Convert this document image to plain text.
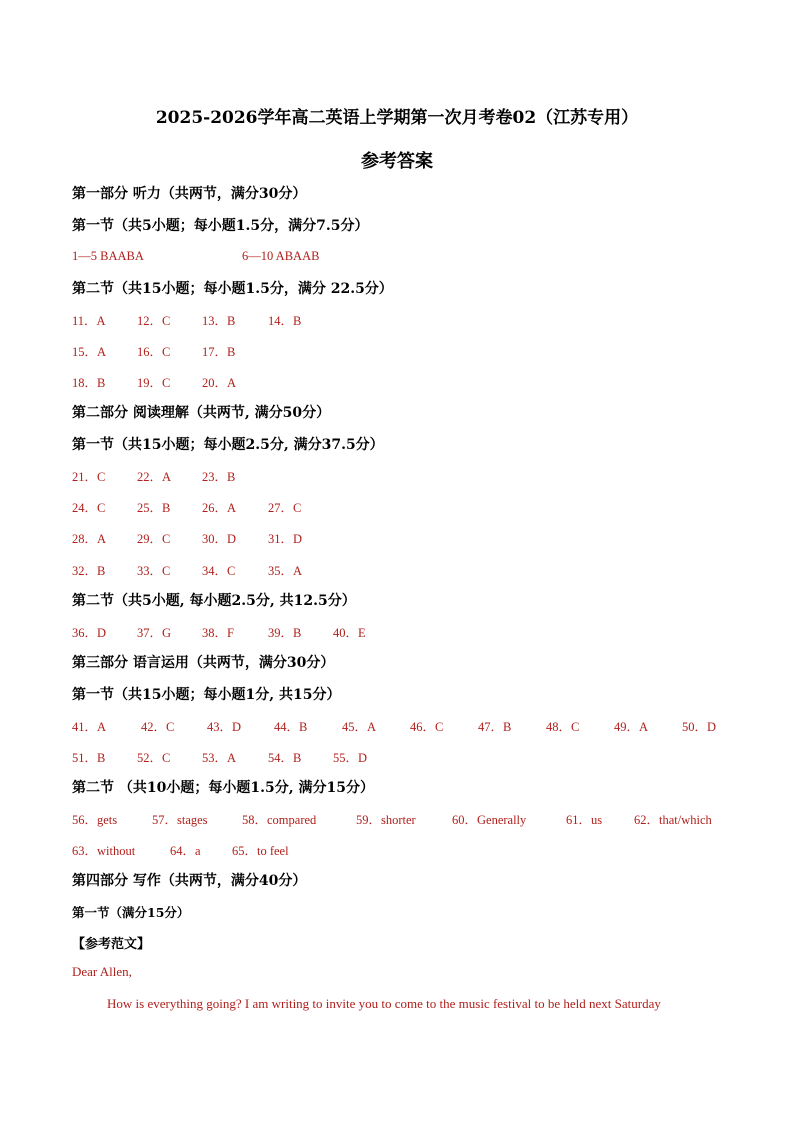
2025-2026学年高二英语上学期第一次月考卷02（江苏专用）
参考答案
第一部分 听力（共两节，满分30分）
第一节（共5小题；每小题1.5分，满分7.5分）
1—5 BAABA	6—10 ABAAB
第二节（共15小题；每小题1.5分，满分 22.5分）
11．A	12．C	13．B	14．B
15．A 16．C	17．B
18．B	19．C	20．A
第二部分 阅读理解（共两节, 满分50分）
第一节（共15小题；每小题2.5分, 满分37.5分）
21．C	22．A 23．B
24．C	25．B	26．A	27．C
28．A 29．C	30．D	31．D
32．B	33．C	34．C	35．A
第二节（共5小题, 每小题2.5分, 共12.5分）
36．D 37．G 38．F	39．B	40．E
第三部分 语言运用（共两节，满分30分）
第一节（共15小题；每小题1分, 共15分）
41．A	42．C	43．D	44．B	45．A	46．C	47．B	48．C	49．A	50．D
51．B	52．C	53．A	54．B	55．D
第二节 （共10小题；每小题1.5分, 满分15分）
56．gets	57．stages	58．compared	59．shorter	60．Generally	61．us	62．that/which
63．without	64．a	65．to feel
第四部分 写作（共两节，满分40分）
第一节（满分15分）
【参考范文】
Dear Allen,
How is everything going? I am writing to invite you to come to the music festival to be held next Saturday
